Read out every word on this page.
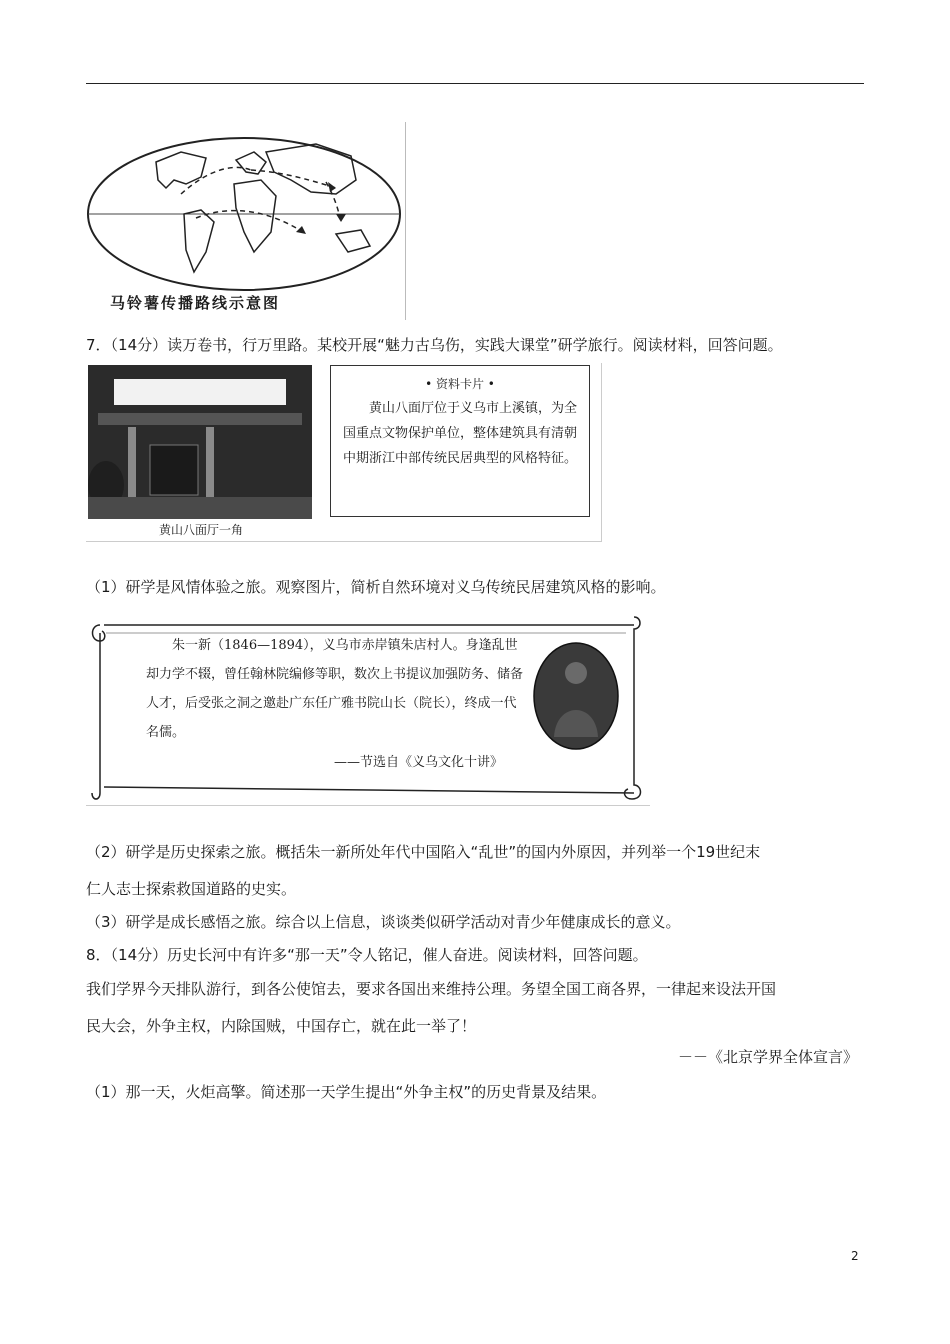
马铃薯传播路线示意图
7．（14分）读万卷书，行万里路。某校开展“魅力古乌伤，实践大课堂”研学旅行。阅读材料，回答问题。
黄山八面厅一角
• 资料卡片 •
黄山八面厅位于义乌市上溪镇，为全国重点文物保护单位，整体建筑具有清朝中期浙江中部传统民居典型的风格特征。
（1）研学是风情体验之旅。观察图片，简析自然环境对义乌传统民居建筑风格的影响。
朱一新（1846—1894），义乌市赤岸镇朱店村人。身逢乱世却力学不辍，曾任翰林院编修等职，数次上书提议加强防务、储备人才，后受张之洞之邀赴广东任广雅书院山长（院长），终成一代名儒。
——节选自《义乌文化十讲》
（2）研学是历史探索之旅。概括朱一新所处年代中国陷入“乱世”的国内外原因，并列举一个19世纪末
仁人志士探索救国道路的史实。
（3）研学是成长感悟之旅。综合以上信息，谈谈类似研学活动对青少年健康成长的意义。
8．（14分）历史长河中有许多“那一天”令人铭记，催人奋进。阅读材料，回答问题。
我们学界今天排队游行，到各公使馆去，要求各国出来维持公理。务望全国工商各界，一律起来设法开国
民大会，外争主权，内除国贼，中国存亡，就在此一举了！
－－《北京学界全体宣言》
（1）那一天，火炬高擎。简述那一天学生提出“外争主权”的历史背景及结果。
2
